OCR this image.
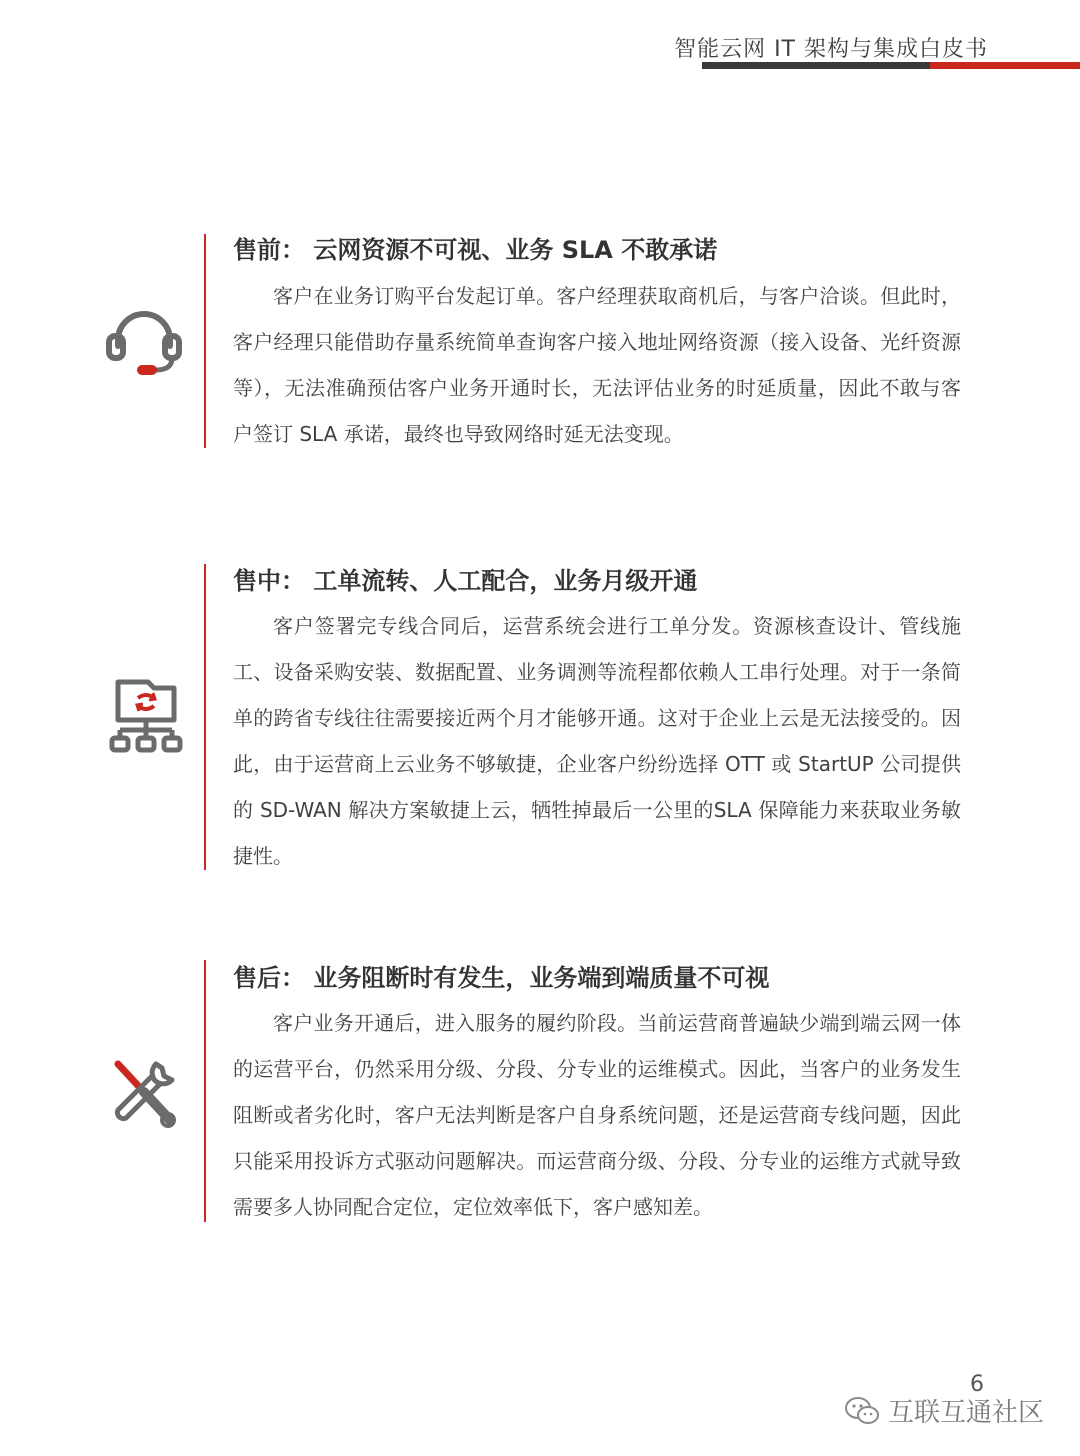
智能云网 IT 架构与集成白皮书
售前： 云网资源不可视、业务 SLA 不敢承诺

客户在业务订购平台发起订单。客户经理获取商机后，与客户洽谈。但此时，客户经理只能借助存量系统简单查询客户接入地址网络资源（接入设备、光纤资源等），无法准确预估客户业务开通时长，无法评估业务的时延质量，因此不敢与客户签订 SLA 承诺，最终也导致网络时延无法变现。

售中： 工单流转、人工配合，业务月级开通

客户签署完专线合同后，运营系统会进行工单分发。资源核查设计、管线施工、设备采购安装、数据配置、业务调测等流程都依赖人工串行处理。对于一条简单的跨省专线往往需要接近两个月才能够开通。这对于企业上云是无法接受的。因此，由于运营商上云业务不够敏捷，企业客户纷纷选择 OTT 或 StartUP 公司提供的 SD-WAN 解决方案敏捷上云，牺牲掉最后一公里的SLA 保障能力来获取业务敏捷性。

售后： 业务阻断时有发生，业务端到端质量不可视

客户业务开通后，进入服务的履约阶段。当前运营商普遍缺少端到端云网一体的运营平台，仍然采用分级、分段、分专业的运维模式。因此，当客户的业务发生阻断或者劣化时，客户无法判断是客户自身系统问题，还是运营商专线问题，因此只能采用投诉方式驱动问题解决。而运营商分级、分段、分专业的运维方式就导致需要多人协同配合定位，定位效率低下，客户感知差。

6
互联互通社区
